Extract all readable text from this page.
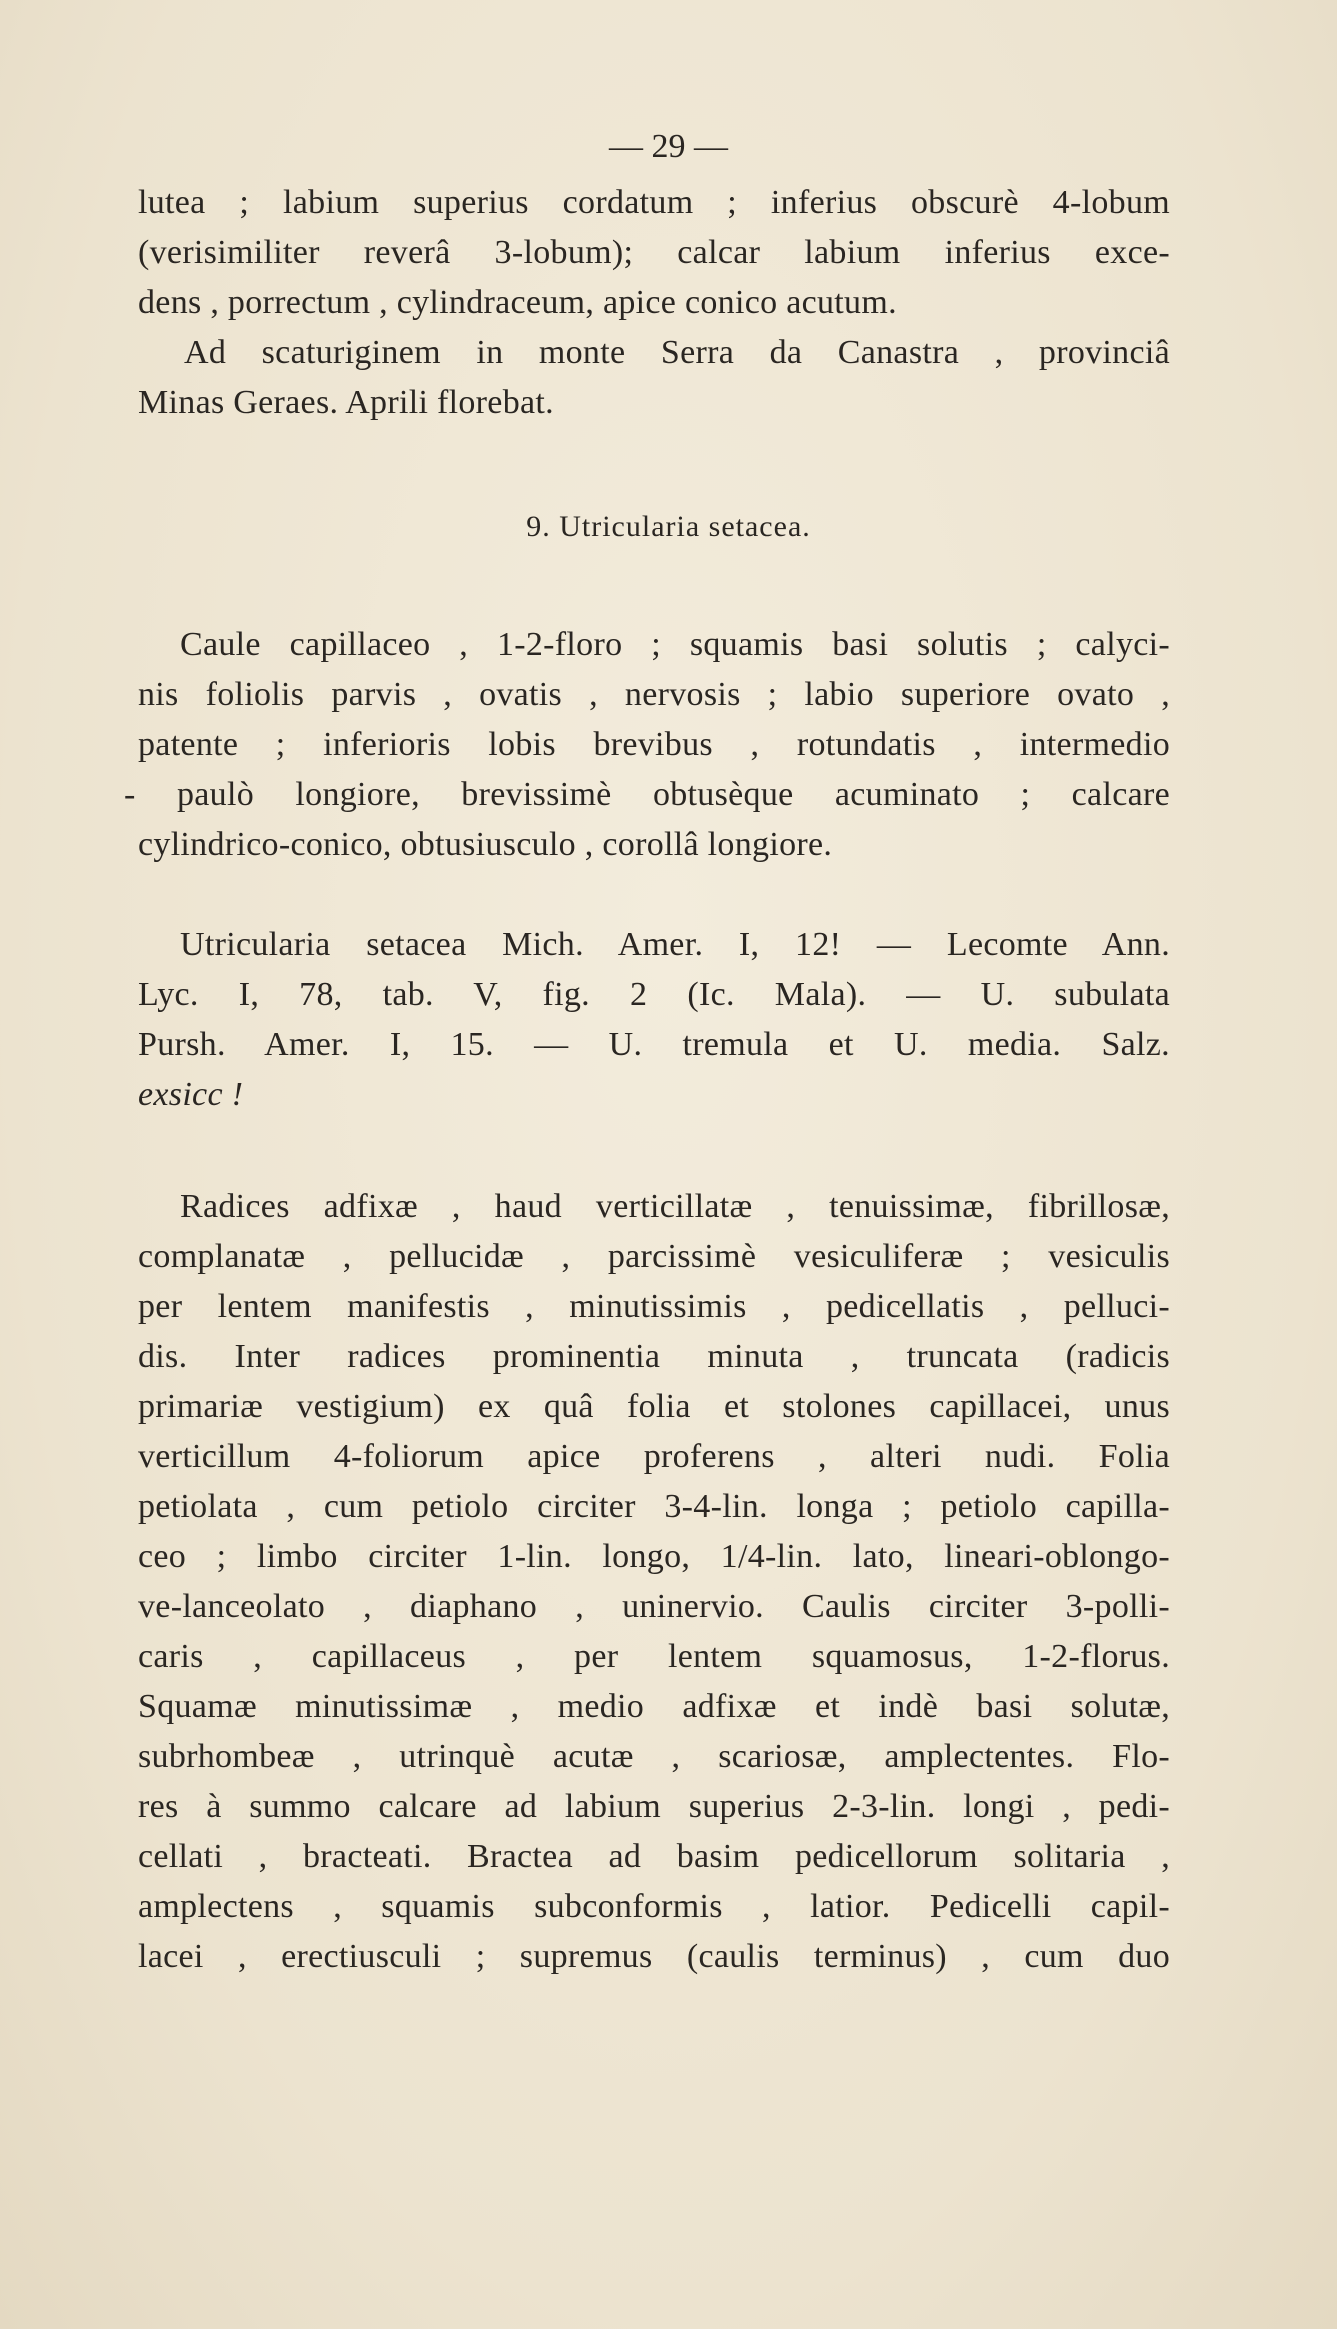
— 29 —
lutea ; labium superius cordatum ; inferius obscurè 4-lobum
(verisimiliter reverâ 3-lobum); calcar labium inferius exce-
dens , porrectum , cylindraceum, apice conico acutum.
Ad scaturiginem in monte Serra da Canastra , provinciâ
Minas Geraes. Aprili florebat.
9. Utricularia setacea.
Caule capillaceo , 1-2-floro ; squamis basi solutis ; calyci-
nis foliolis parvis , ovatis , nervosis ; labio superiore ovato ,
patente ; inferioris lobis brevibus , rotundatis , intermedio
- paulò longiore, brevissimè obtusèque acuminato ; calcare
cylindrico-conico, obtusiusculo , corollâ longiore.
Utricularia setacea Mich. Amer. I, 12! — Lecomte Ann.
Lyc. I, 78, tab. V, fig. 2 (Ic. Mala). — U. subulata
Pursh. Amer. I, 15. — U. tremula et U. media. Salz.
exsicc !
Radices adfixæ , haud verticillatæ , tenuissimæ, fibrillosæ,
complanatæ , pellucidæ , parcissimè vesiculiferæ ; vesiculis
per lentem manifestis , minutissimis , pedicellatis , pelluci-
dis. Inter radices prominentia minuta , truncata (radicis
primariæ vestigium) ex quâ folia et stolones capillacei, unus
verticillum 4-foliorum apice proferens , alteri nudi. Folia
petiolata , cum petiolo circiter 3-4-lin. longa ; petiolo capilla-
ceo ; limbo circiter 1-lin. longo, 1/4-lin. lato, lineari-oblongo-
ve-lanceolato , diaphano , uninervio. Caulis circiter 3-polli-
caris , capillaceus , per lentem squamosus, 1-2-florus.
Squamæ minutissimæ , medio adfixæ et indè basi solutæ,
subrhombeæ , utrinquè acutæ , scariosæ, amplectentes. Flo-
res à summo calcare ad labium superius 2-3-lin. longi , pedi-
cellati , bracteati. Bractea ad basim pedicellorum solitaria ,
amplectens , squamis subconformis , latior. Pedicelli capil-
lacei , erectiusculi ; supremus (caulis terminus) , cum duo
